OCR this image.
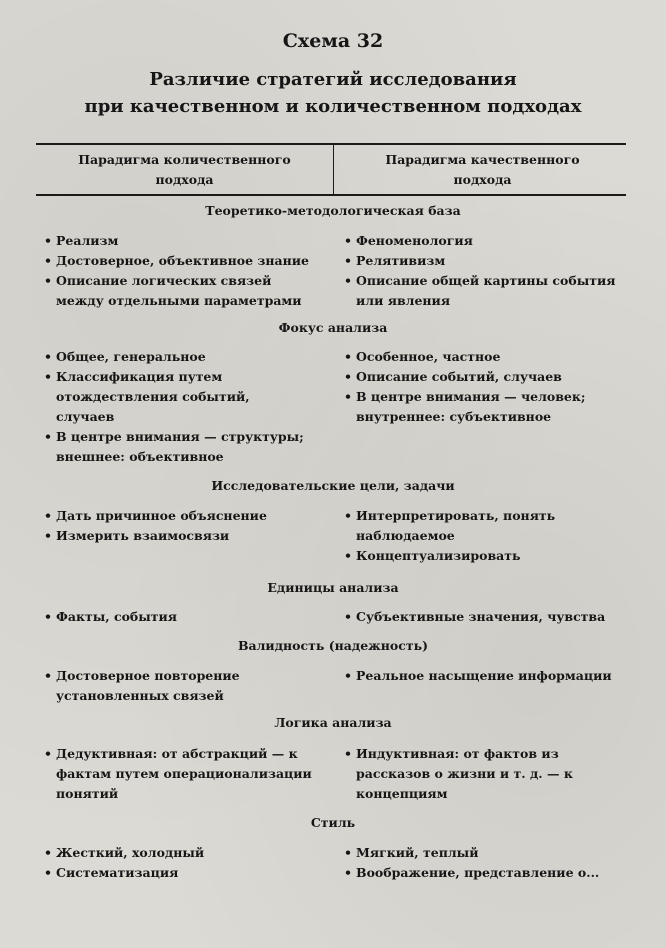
Схема 32
Различие стратегий исследования
при качественном и количественном подходах
Парадигма количественного
подхода
Парадигма качественного
подхода
Теоретико-методологическая база
• Реализм
• Достоверное, объективное знание
• Описание логических связей между отдельными параметрами
• Феноменология
• Релятивизм
• Описание общей картины события или явления
Фокус анализа
• Общее, генеральное
• Классификация путем отождествления событий, случаев
• В центре внимания — структуры; внешнее: объективное
• Особенное, частное
• Описание событий, случаев
• В центре внимания — человек; внутреннее: субъективное
Исследовательские цели, задачи
• Дать причинное объяснение
• Измерить взаимосвязи
• Интерпретировать, понять наблюдаемое
• Концептуализировать
Единицы анализа
• Факты, события
•	Субъективные значения, чувства
Валидность (надежность)
• Достоверное повторение установленных связей
• Реальное насыщение информации
Логика анализа
• Дедуктивная: от абстракций — к фактам путем операционализации понятий
• Индуктивная: от фактов из рассказов о жизни и т. д. — к концепциям
Стиль
• Жесткий, холодный
• Систематизация
• Мягкий, теплый
• Воображение, представление о...
